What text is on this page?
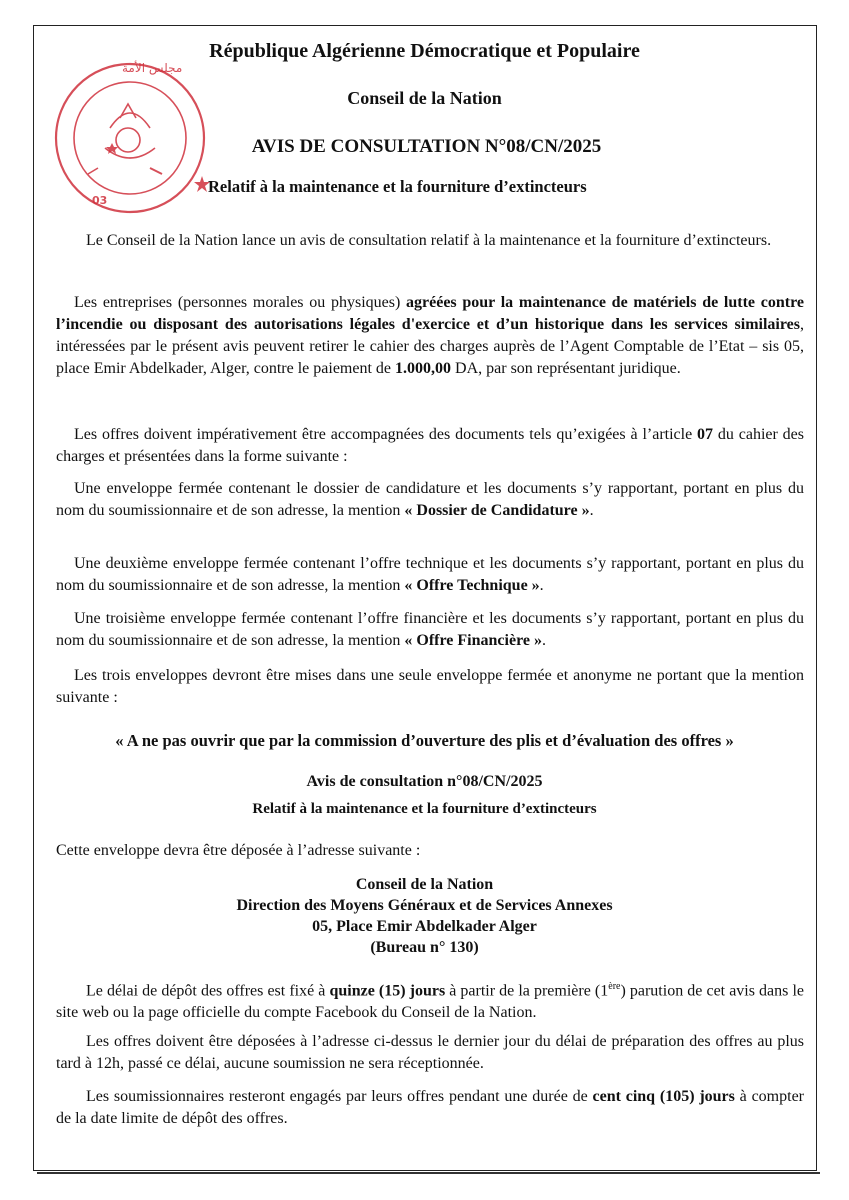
مجلس الأمة
03
République Algérienne Démocratique et Populaire
Conseil de la Nation
AVIS DE CONSULTATION N°08/CN/2025
Relatif à la maintenance et la fourniture d’extincteurs

Le Conseil de la Nation lance un avis de consultation relatif à la maintenance et la fourniture d’extincteurs.

Les entreprises (personnes morales ou physiques) agréées pour la maintenance de matériels de lutte contre l’incendie ou disposant des autorisations légales d'exercice et d’un historique dans les services similaires, intéressées par le présent avis peuvent retirer le cahier des charges auprès de l’Agent Comptable de l’Etat – sis 05, place Emir Abdelkader, Alger, contre le paiement de 1.000,00 DA, par son représentant juridique.

Les offres doivent impérativement être accompagnées des documents tels qu’exigées à l’article 07 du cahier des charges et présentées dans la forme suivante :

Une enveloppe fermée contenant le dossier de candidature et les documents s’y rapportant, portant en plus du nom du soumissionnaire et de son adresse, la mention « Dossier de Candidature ».

Une deuxième enveloppe fermée contenant l’offre technique et les documents s’y rapportant, portant en plus du nom du soumissionnaire et de son adresse, la mention « Offre Technique ».

Une troisième enveloppe fermée contenant l’offre financière et les documents s’y rapportant, portant en plus du nom du soumissionnaire et de son adresse, la mention « Offre Financière ».

Les trois enveloppes devront être mises dans une seule enveloppe fermée et anonyme ne portant que la mention suivante :

« A ne pas ouvrir que par la commission d’ouverture des plis et d’évaluation des offres »

Avis de consultation n°08/CN/2025

Relatif à la maintenance et la fourniture d’extincteurs

Cette enveloppe devra être déposée à l’adresse suivante :

Conseil de la Nation

Direction des Moyens Généraux et de Services Annexes

05, Place Emir Abdelkader Alger

(Bureau n° 130)

Le délai de dépôt des offres est fixé à quinze (15) jours à partir de la première (1ère) parution de cet avis dans le site web ou la page officielle du compte Facebook du Conseil de la Nation.

Les offres doivent être déposées à l’adresse ci-dessus le dernier jour du délai de préparation des offres au plus tard à 12h, passé ce délai, aucune soumission ne sera réceptionnée.

Les soumissionnaires resteront engagés par leurs offres pendant une durée de cent cinq (105) jours à compter de la date limite de dépôt des offres.
